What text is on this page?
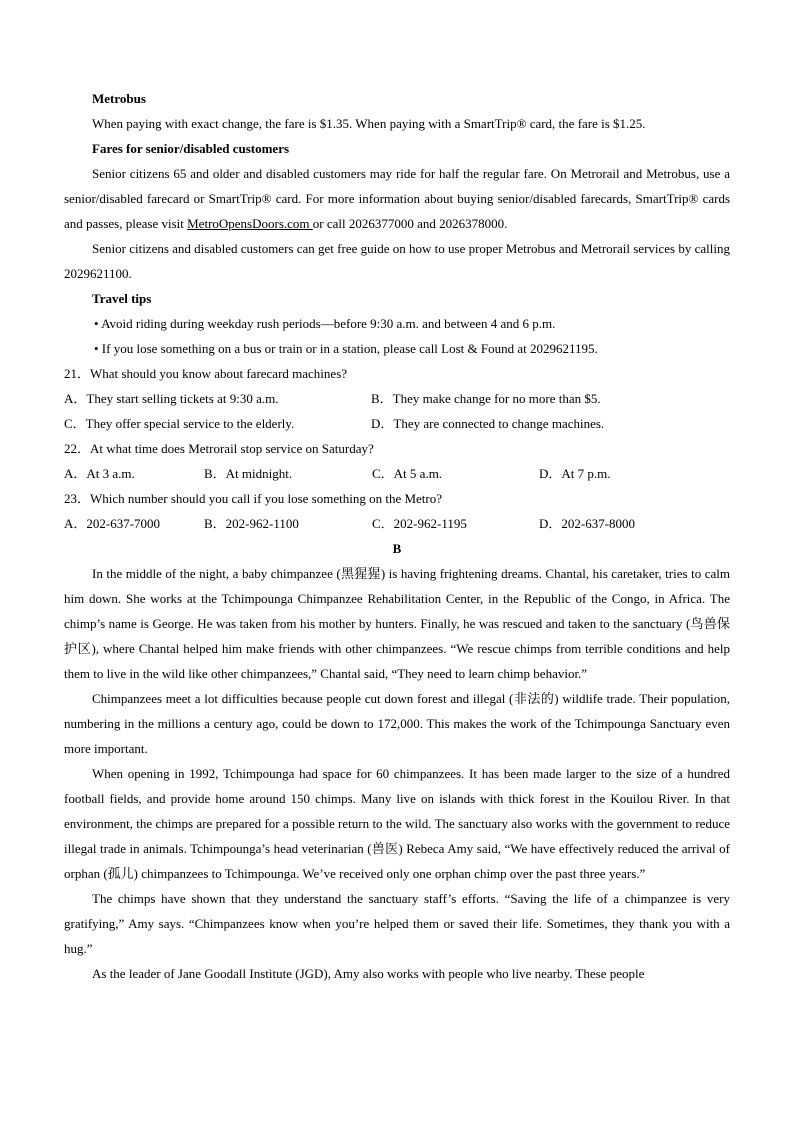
Metrobus

When paying with exact change, the fare is $1.35. When paying with a SmartTrip® card, the fare is $1.25.

Fares for senior/disabled customers

Senior citizens 65 and older and disabled customers may ride for half the regular fare. On Metrorail and Metrobus, use a senior/disabled farecard or SmartTrip® card. For more information about buying senior/disabled farecards, SmartTrip® cards and passes, please visit MetroOpensDoors.com or call 2026377000 and 2026378000.

Senior citizens and disabled customers can get free guide on how to use proper Metrobus and Metrorail services by calling 2029621100.

Travel tips

• Avoid riding during weekday rush periods—before 9:30 a.m. and between 4 and 6 p.m.

• If you lose something on a bus or train or in a station, please call Lost & Found at 2029621195.

21．What should you know about farecard machines?

A．They start selling tickets at 9:30 a.m.	B．They make change for no more than $5.
C．They offer special service to the elderly.	D．They are connected to change machines.

22．At what time does Metrorail stop service on Saturday?

A．At 3 a.m.	B．At midnight.	C．At 5 a.m.	D．At 7 p.m.

23．Which number should you call if you lose something on the Metro?

A．202-637-7000	B．202-962-1100	C．202-962-1195	D．202-637-8000

B

In the middle of the night, a baby chimpanzee (黑猩猩) is having frightening dreams. Chantal, his caretaker, tries to calm him down. She works at the Tchimpounga Chimpanzee Rehabilitation Center, in the Republic of the Congo, in Africa. The chimp’s name is George. He was taken from his mother by hunters. Finally, he was rescued and taken to the sanctuary (鸟兽保护区), where Chantal helped him make friends with other chimpanzees. “We rescue chimps from terrible conditions and help them to live in the wild like other chimpanzees,” Chantal said, “They need to learn chimp behavior.”

Chimpanzees meet a lot difficulties because people cut down forest and illegal (非法的) wildlife trade. Their population, numbering in the millions a century ago, could be down to 172,000. This makes the work of the Tchimpounga Sanctuary even more important.

When opening in 1992, Tchimpounga had space for 60 chimpanzees. It has been made larger to the size of a hundred football fields, and provide home around 150 chimps. Many live on islands with thick forest in the Kouilou River. In that environment, the chimps are prepared for a possible return to the wild. The sanctuary also works with the government to reduce illegal trade in animals. Tchimpounga’s head veterinarian (兽医) Rebeca Amy said, “We have effectively reduced the arrival of orphan (孤儿) chimpanzees to Tchimpounga. We’ve received only one orphan chimp over the past three years.”

The chimps have shown that they understand the sanctuary staff’s efforts. “Saving the life of a chimpanzee is very gratifying,” Amy says. “Chimpanzees know when you’re helped them or saved their life. Sometimes, they thank you with a hug.”

As the leader of Jane Goodall Institute (JGD), Amy also works with people who live nearby. These people
